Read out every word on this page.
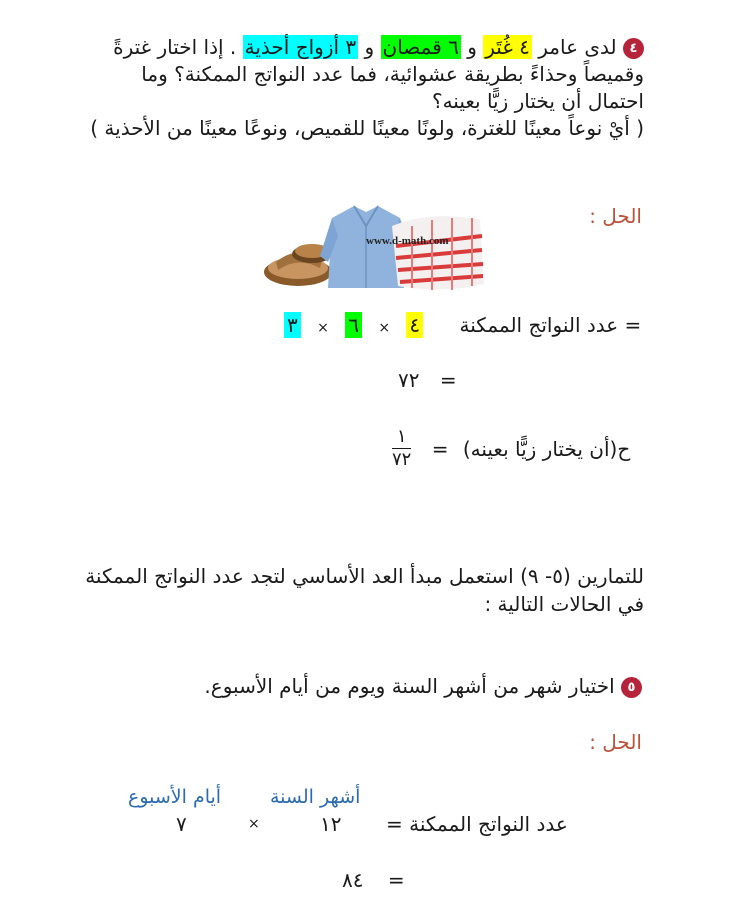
٤ لدى عامر ٤ غُتَر و ٦ قمصان و ٣ أزواج أحذية . إذا اختار غترةً وقميصاً وحذاءً بطريقة عشوائية، فما عدد النواتج الممكنة؟ وما احتمال أن يختار زيًّا بعينه؟
( أيْ نوعاً معينًا للغترة، ولونًا معينًا للقميص، ونوعًا معينًا من الأحذية )
الحل :
www.d-math.com
٣ × ٦ × ٤ عدد النواتج الممكنة =
٧٢ =
$\frac{١}{٧٢}$ = ح(أن يختار زيًّا بعينه)
للتمارين (٥- ٩) استعمل مبدأ العد الأساسي لتجد عدد النواتج الممكنة في الحالات التالية :
٥ اختيار شهر من أشهر السنة ويوم من أيام الأسبوع.
الحل :
أشهر السنة
أيام الأسبوع
٧	×	١٢ عدد النواتج الممكنة =
٨٤ =
